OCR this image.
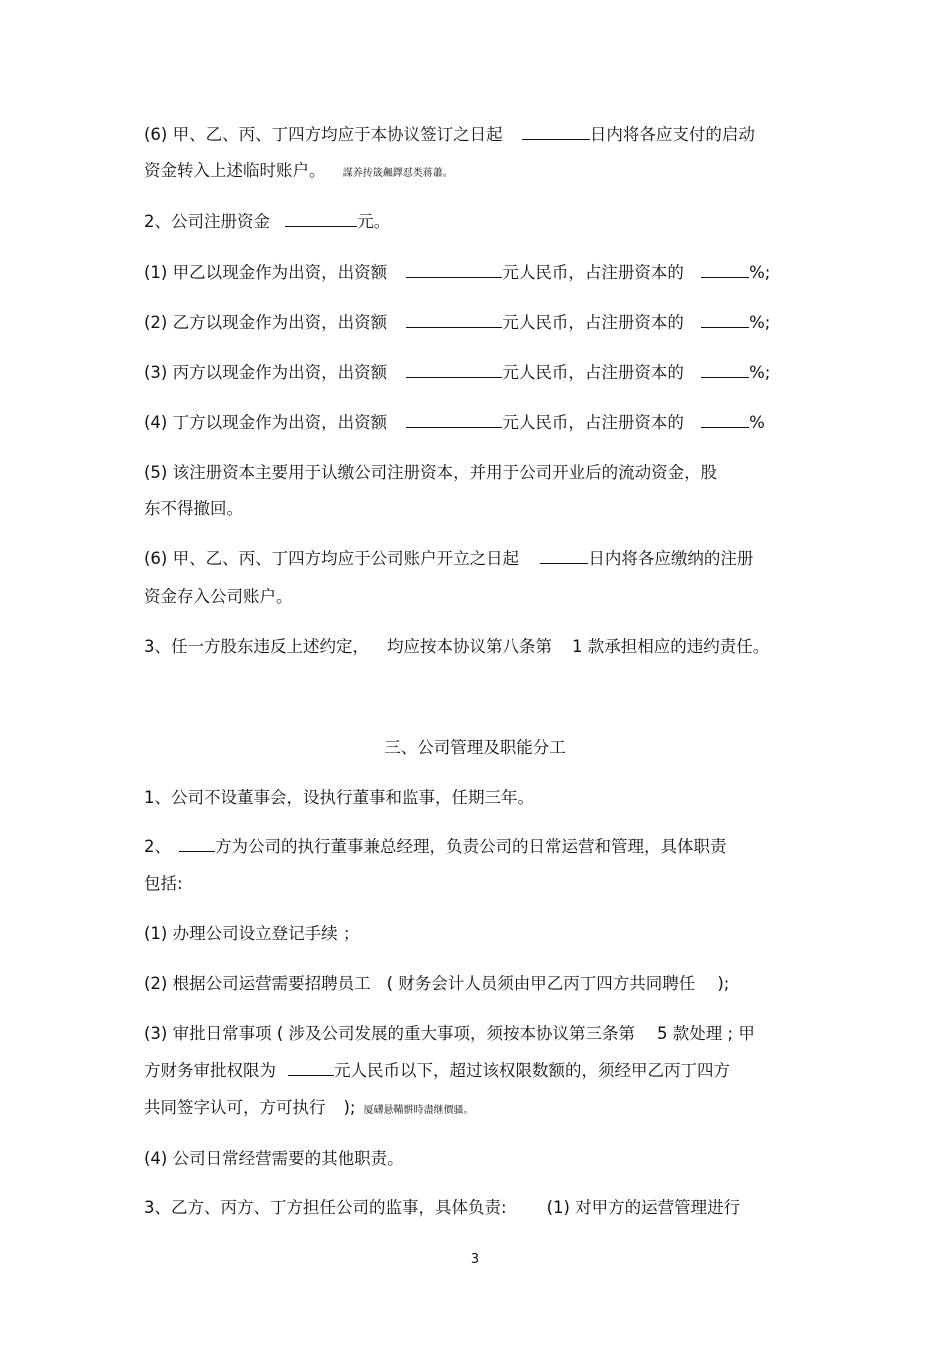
(6) 甲、乙、丙、丁四方均应于本协议签订之日起	日内将各应支付的启动
资金转入上述临时账户。 謀养抟筬飆鐸怼类蒋蕭。
2、公司注册资金	元。
(1) 甲乙以现金作为出资，出资额	元人民币，占注册资本的	%;
(2) 乙方以现金作为出资，出资额	元人民币，占注册资本的	%;
(3) 丙方以现金作为出资，出资额	元人民币，占注册资本的	%;
(4) 丁方以现金作为出资，出资额	元人民币，占注册资本的	%
(5) 该注册资本主要用于认缴公司注册资本，并用于公司开业后的流动资金，股
东不得撤回。
(6) 甲、乙、丙、丁四方均应于公司账户开立之日起	日内将各应缴纳的注册
资金存入公司账户。
3、任一方股东违反上述约定， 均应按本协议第八条第 1 款承担相应的违约责任。
三、公司管理及职能分工
1、公司不设董事会，设执行董事和监事，任期三年。
2、	方为公司的执行董事兼总经理，负责公司的日常运营和管理，具体职责
包括:
(1) 办理公司设立登记手续 ；
(2) 根据公司运营需要招聘员工 ( 财务会计人员须由甲乙丙丁四方共同聘任 );
(3) 审批日常事项 ( 涉及公司发展的重大事项，须按本协议第三条第 5 款处理 ; 甲
方财务审批权限为	元人民币以下，超过该权限数额的，须经甲乙丙丁四方
共同签字认可，方可执行 ); 厦礴悬鞴骿時盡继價骚。
(4) 公司日常经营需要的其他职责。
3、乙方、丙方、丁方担任公司的监事，具体负责: (1) 对甲方的运营管理进行
3
